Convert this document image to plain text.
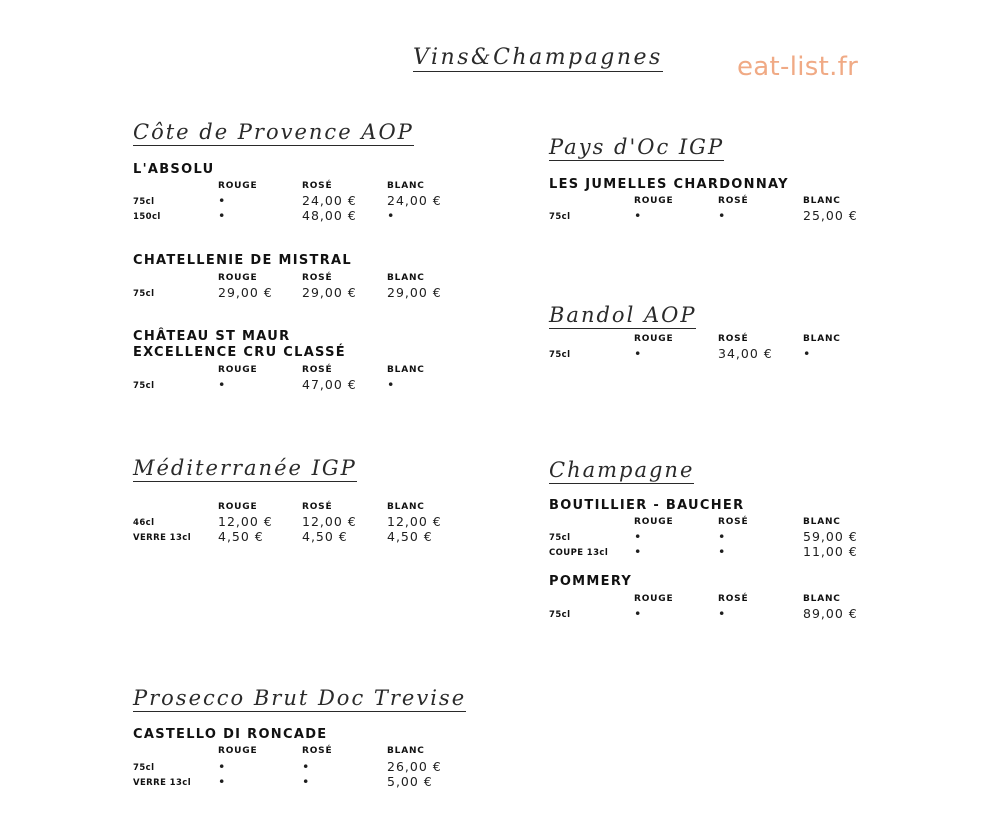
Vins&Champagnes	eat-list.fr
Côte de Provence AOP
L'ABSOLU
ROUGE	ROSÉ	BLANC
75cl	•	24,00 € 24,00 €
150cl	•	48,00 € •
CHATELLENIE DE MISTRAL
ROUGE	ROSÉ	BLANC
75cl	29,00 € 29,00 € 29,00 €
CHÂTEAU ST MAUR
EXCELLENCE CRU CLASSÉ
ROUGE	ROSÉ	BLANC
75cl	•	47,00 € •
Méditerranée IGP
ROUGE	ROSÉ	BLANC
46cl	12,00 € 12,00 € 12,00 €
VERRE 13cl 4,50 €	4,50 €	4,50 €
Prosecco Brut Doc Trevise
CASTELLO DI RONCADE
ROUGE	ROSÉ	BLANC
75cl	•	•	26,00 €
VERRE 13cl •	•	5,00 €
Pays d'Oc IGP
LES JUMELLES CHARDONNAY
ROUGE	ROSÉ	BLANC
75cl	•	•	25,00 €
Bandol AOP
ROUGE	ROSÉ	BLANC
75cl	•	34,00 € •
Champagne
BOUTILLIER - BAUCHER
ROUGE	ROSÉ	BLANC
75cl	•	•	59,00 €
COUPE 13cl •	•	11,00 €
POMMERY
ROUGE	ROSÉ	BLANC
75cl	•	•	89,00 €
